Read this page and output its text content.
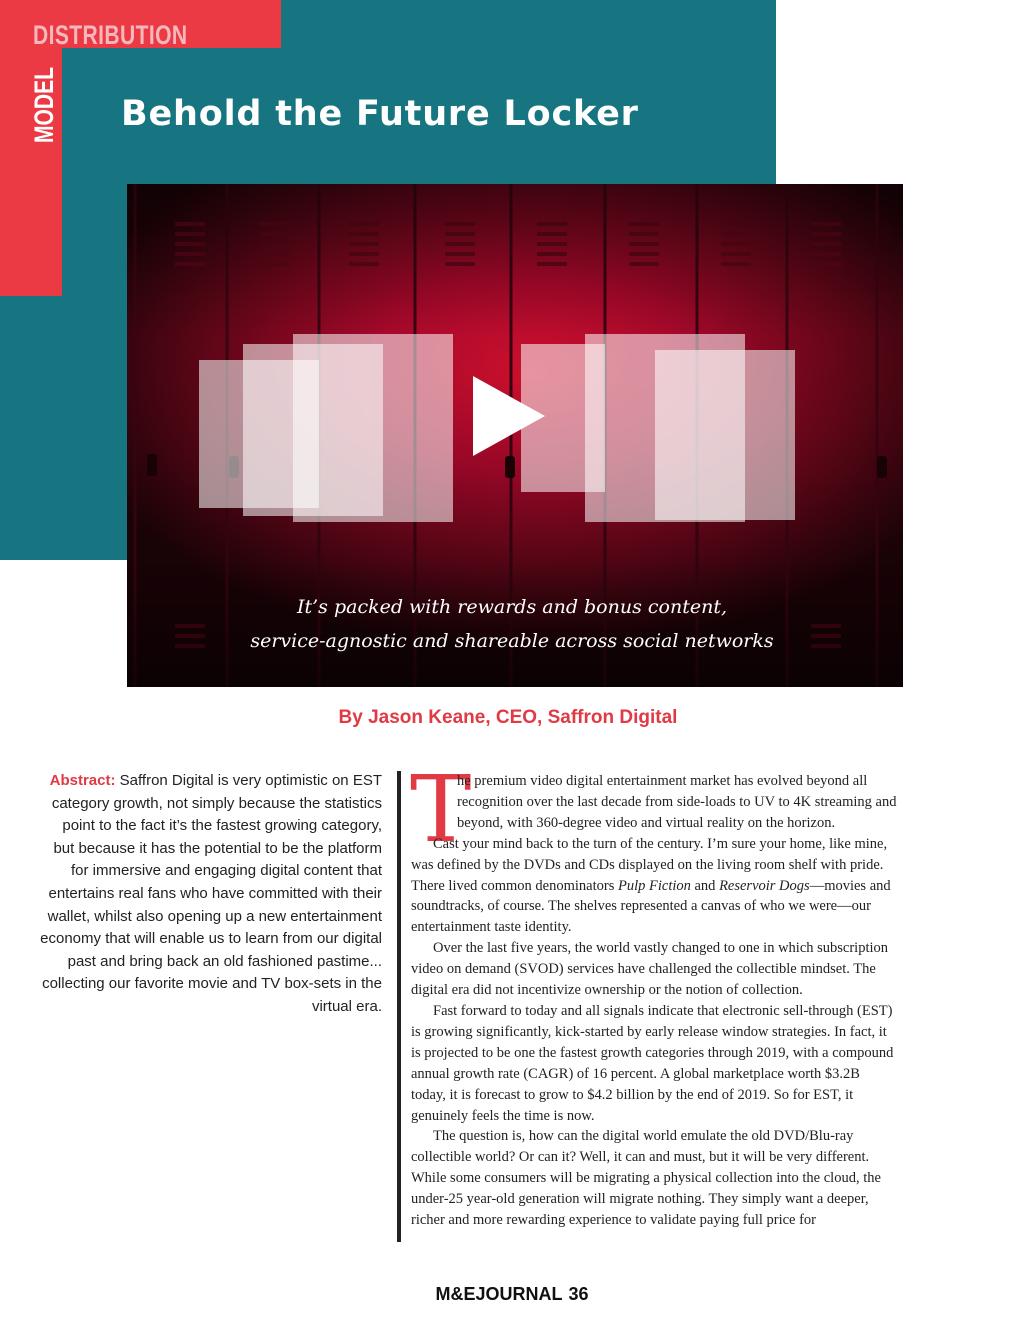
DISTRIBUTION
MODEL Behold the Future Locker
It’s packed with rewards and bonus content,
service-agnostic and shareable across social networks
By Jason Keane, CEO, Saffron Digital
Abstract: Saffron Digital is very optimistic on EST category growth, not simply because the statistics point to the fact it’s the fastest growing category, but because it has the potential to be the platform for immersive and engaging digital content that entertains real fans who have committed with their wallet, whilst also opening up a new entertainment economy that will enable us to learn from our digital past and bring back an old fashioned pastime... collecting our favorite movie and TV box-sets in the virtual era.
T

he premium video digital entertainment market has evolved beyond all recognition over the last decade from side-loads to UV to 4K streaming and beyond, with 360-degree video and virtual reality on the horizon.

Cast your mind back to the turn of the century. I’m sure your home, like mine, was defined by the DVDs and CDs displayed on the living room shelf with pride. There lived common denominators Pulp Fiction and Reservoir Dogs—movies and soundtracks, of course. The shelves represented a canvas of who we were—our entertainment taste identity.

Over the last five years, the world vastly changed to one in which subscription video on demand (SVOD) services have challenged the collectible mindset. The digital era did not incentivize ownership or the notion of collection.

Fast forward to today and all signals indicate that electronic sell-through (EST) is growing significantly, kick-started by early release window strategies. In fact, it is projected to be one the fastest growth categories through 2019, with a compound annual growth rate (CAGR) of 16 percent. A global marketplace worth $3.2B today, it is forecast to grow to $4.2 billion by the end of 2019. So for EST, it genuinely feels the time is now.

The question is, how can the digital world emulate the old DVD/Blu-ray collectible world? Or can it? Well, it can and must, but it will be very different. While some consumers will be migrating a physical collection into the cloud, the under-25 year-old generation will migrate nothing. They simply want a deeper, richer and more rewarding experience to validate paying full price for

M&EJOURNAL 36
